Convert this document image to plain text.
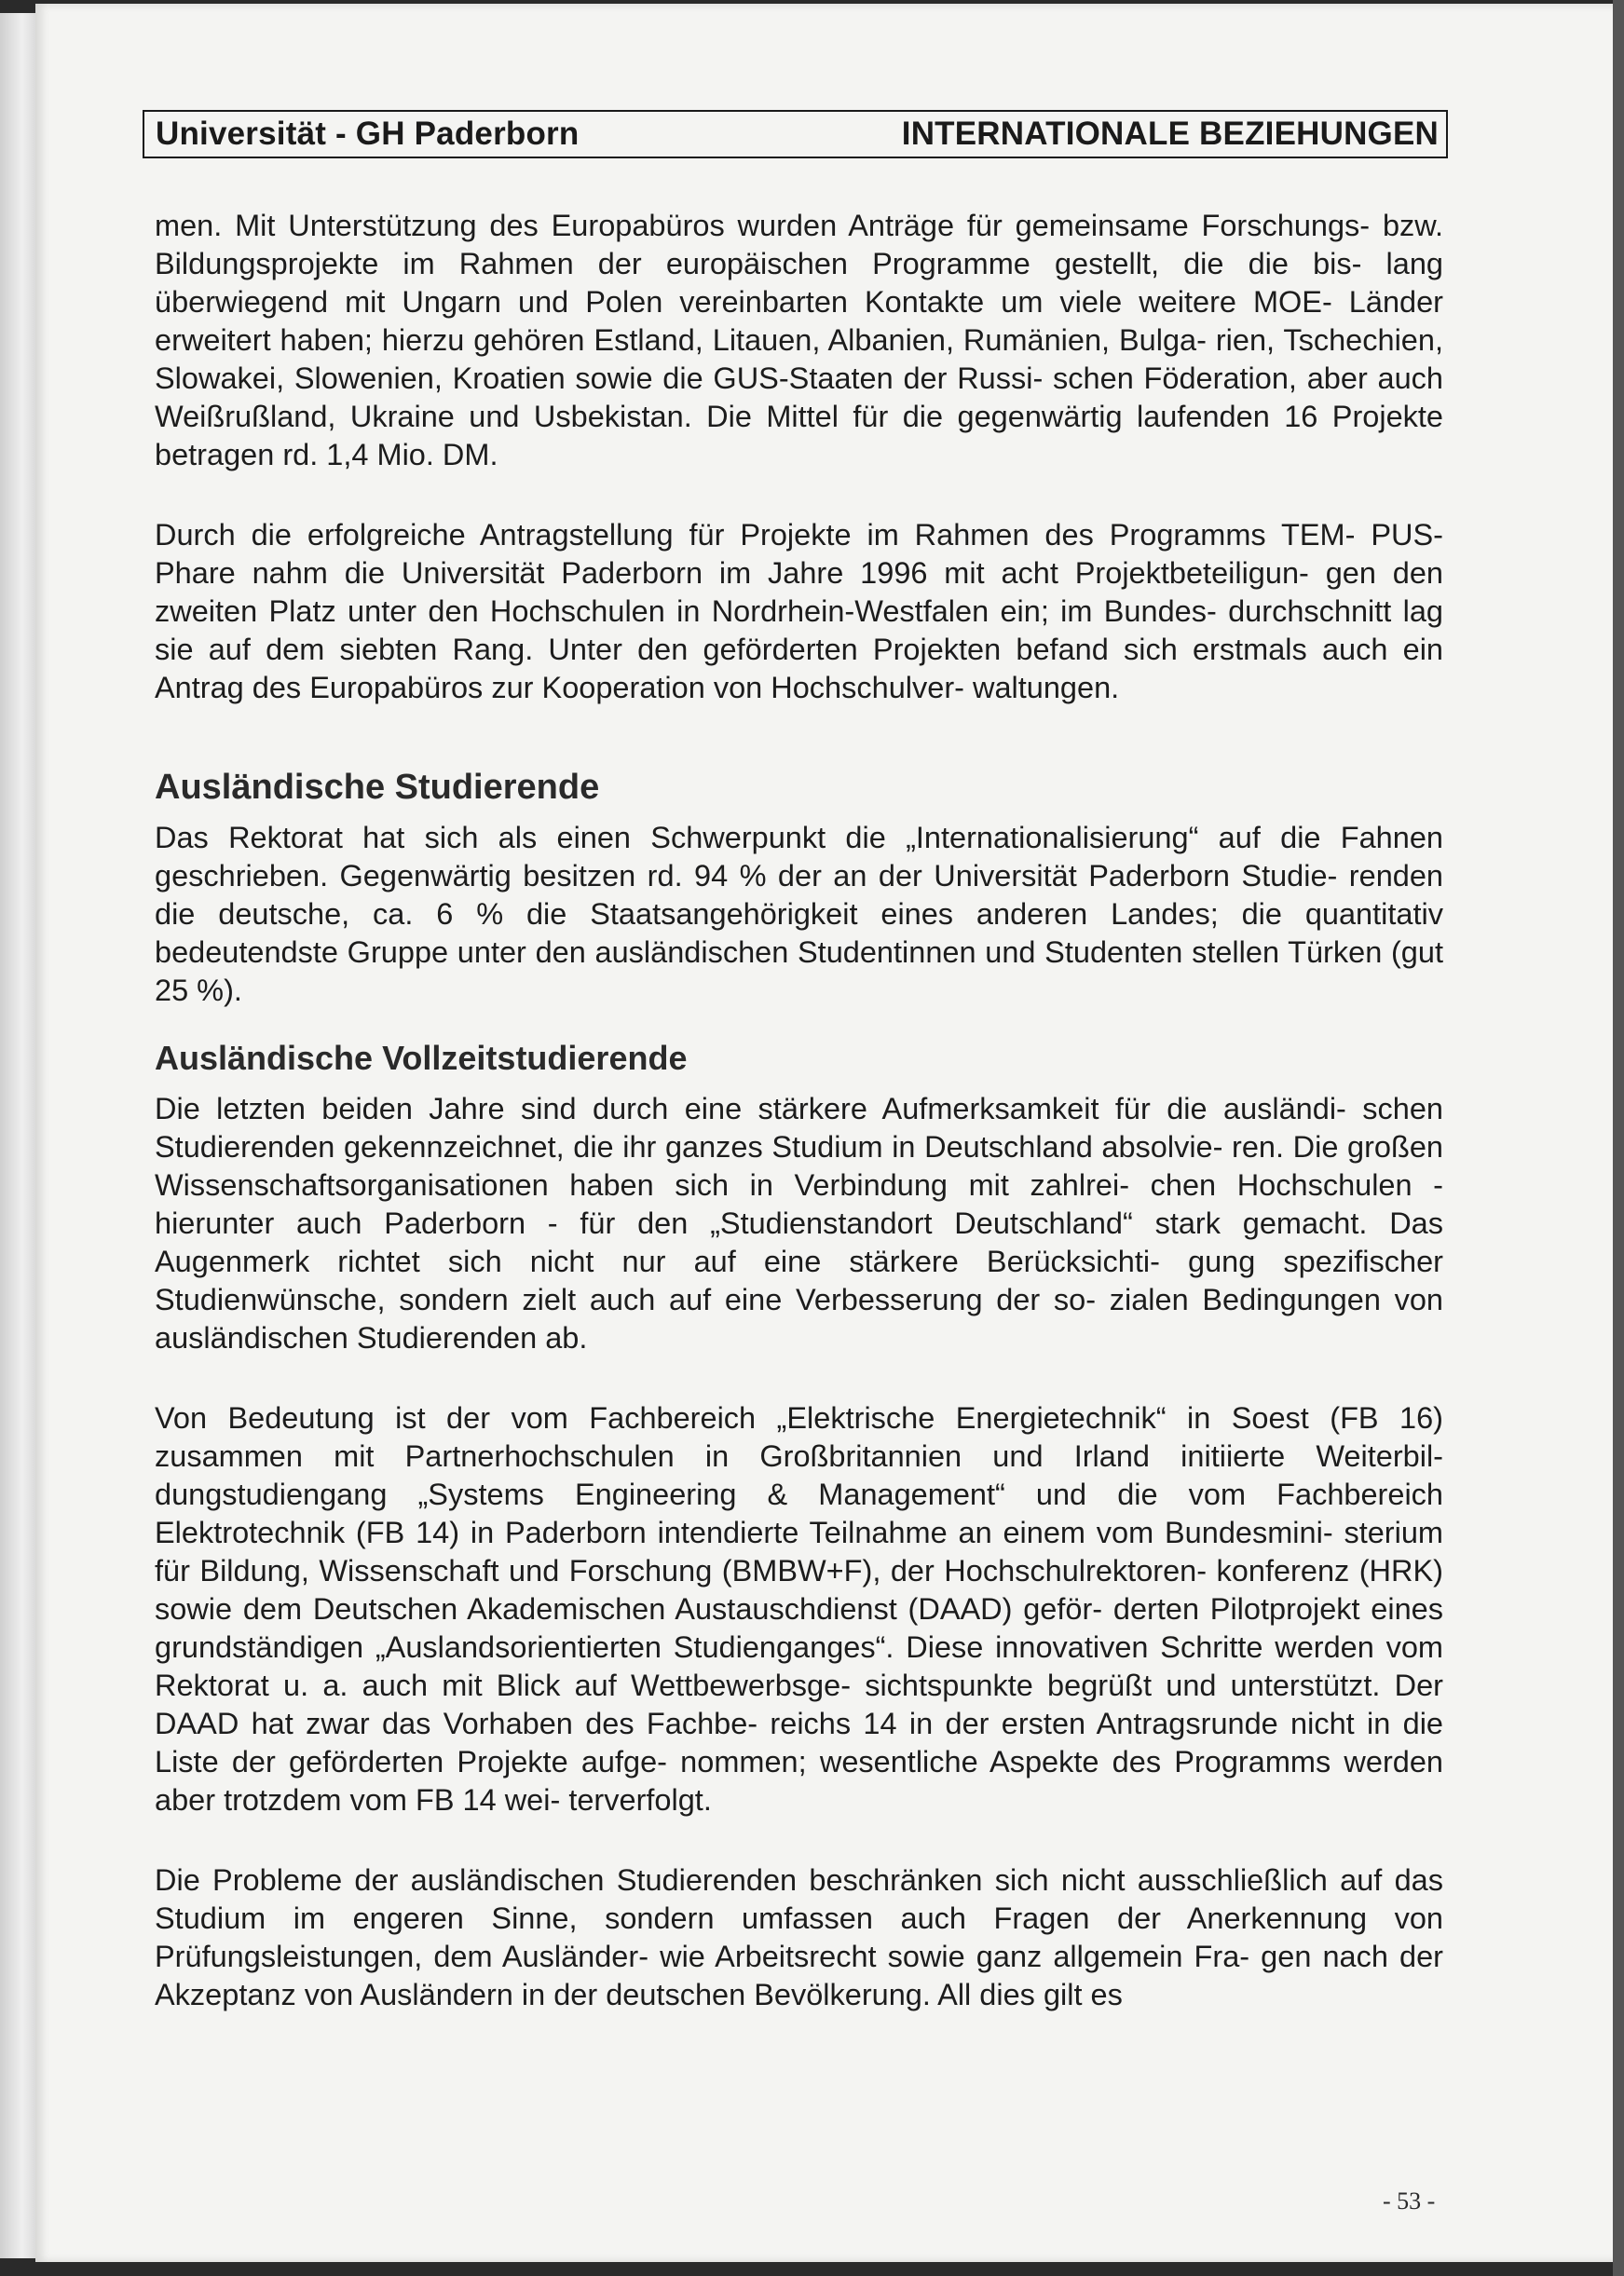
Universität - GH Paderborn	INTERNATIONALE BEZIEHUNGEN

men. Mit Unterstützung des Europabüros wurden Anträge für gemeinsame Forschungs- bzw. Bildungsprojekte im Rahmen der europäischen Programme gestellt, die die bis- lang überwiegend mit Ungarn und Polen vereinbarten Kontakte um viele weitere MOE- Länder erweitert haben; hierzu gehören Estland, Litauen, Albanien, Rumänien, Bulga- rien, Tschechien, Slowakei, Slowenien, Kroatien sowie die GUS-Staaten der Russi- schen Föderation, aber auch Weißrußland, Ukraine und Usbekistan. Die Mittel für die gegenwärtig laufenden 16 Projekte betragen rd. 1,4 Mio. DM.

Durch die erfolgreiche Antragstellung für Projekte im Rahmen des Programms TEM- PUS-Phare nahm die Universität Paderborn im Jahre 1996 mit acht Projektbeteiligun- gen den zweiten Platz unter den Hochschulen in Nordrhein-Westfalen ein; im Bundes- durchschnitt lag sie auf dem siebten Rang. Unter den geförderten Projekten befand sich erstmals auch ein Antrag des Europabüros zur Kooperation von Hochschulver- waltungen.

Ausländische Studierende

Das Rektorat hat sich als einen Schwerpunkt die „Internationalisierung“ auf die Fahnen geschrieben. Gegenwärtig besitzen rd. 94 % der an der Universität Paderborn Studie- renden die deutsche, ca. 6 % die Staatsangehörigkeit eines anderen Landes; die quantitativ bedeutendste Gruppe unter den ausländischen Studentinnen und Studenten stellen Türken (gut 25 %).

Ausländische Vollzeitstudierende

Die letzten beiden Jahre sind durch eine stärkere Aufmerksamkeit für die ausländi- schen Studierenden gekennzeichnet, die ihr ganzes Studium in Deutschland absolvie- ren. Die großen Wissenschaftsorganisationen haben sich in Verbindung mit zahlrei- chen Hochschulen - hierunter auch Paderborn - für den „Studienstandort Deutschland“ stark gemacht. Das Augenmerk richtet sich nicht nur auf eine stärkere Berücksichti- gung spezifischer Studienwünsche, sondern zielt auch auf eine Verbesserung der so- zialen Bedingungen von ausländischen Studierenden ab.

Von Bedeutung ist der vom Fachbereich „Elektrische Energietechnik“ in Soest (FB 16) zusammen mit Partnerhochschulen in Großbritannien und Irland initiierte Weiterbil- dungstudiengang „Systems Engineering & Management“ und die vom Fachbereich Elektrotechnik (FB 14) in Paderborn intendierte Teilnahme an einem vom Bundesmini- sterium für Bildung, Wissenschaft und Forschung (BMBW+F), der Hochschulrektoren- konferenz (HRK) sowie dem Deutschen Akademischen Austauschdienst (DAAD) geför- derten Pilotprojekt eines grundständigen „Auslandsorientierten Studienganges“. Diese innovativen Schritte werden vom Rektorat u. a. auch mit Blick auf Wettbewerbsge- sichtspunkte begrüßt und unterstützt. Der DAAD hat zwar das Vorhaben des Fachbe- reichs 14 in der ersten Antragsrunde nicht in die Liste der geförderten Projekte aufge- nommen; wesentliche Aspekte des Programms werden aber trotzdem vom FB 14 wei- terverfolgt.

Die Probleme der ausländischen Studierenden beschränken sich nicht ausschließlich auf das Studium im engeren Sinne, sondern umfassen auch Fragen der Anerkennung von Prüfungsleistungen, dem Ausländer- wie Arbeitsrecht sowie ganz allgemein Fra- gen nach der Akzeptanz von Ausländern in der deutschen Bevölkerung. All dies gilt es

- 53 -
